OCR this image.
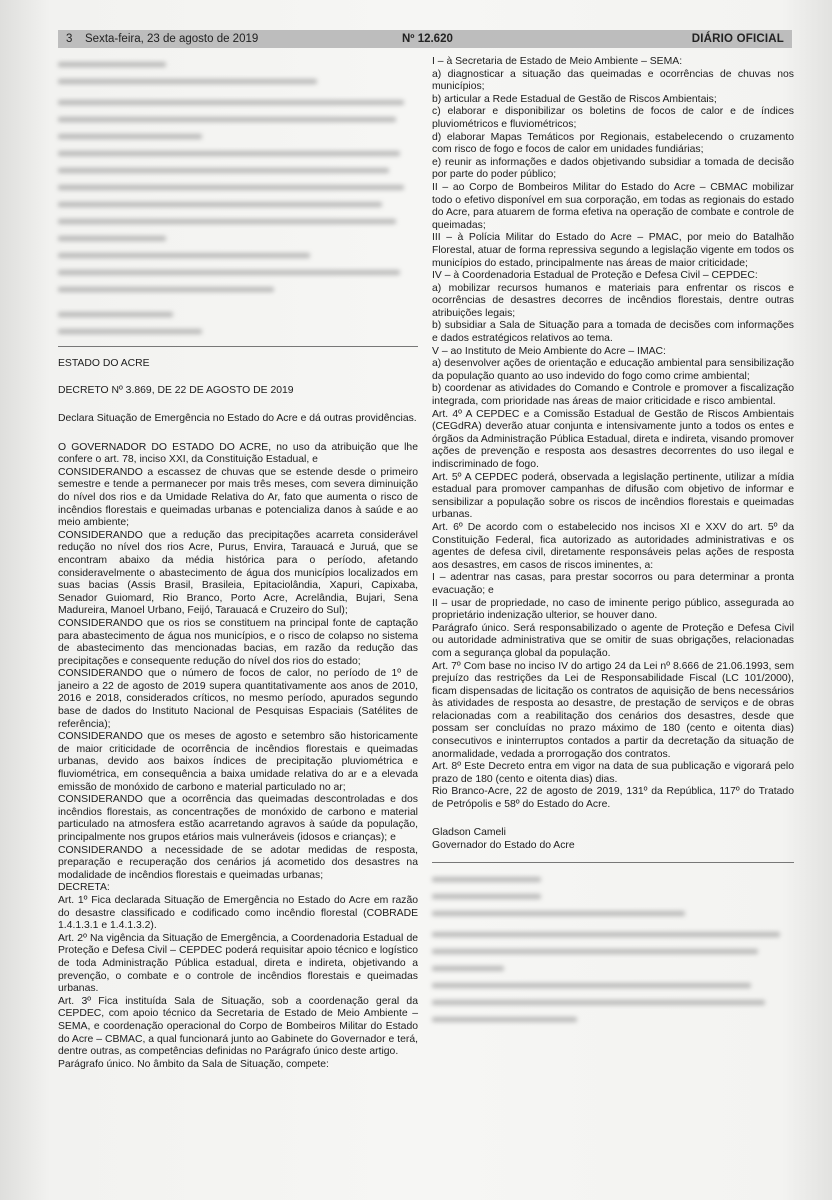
3 Sexta-feira, 23 de agosto de 2019	Nº 12.620	DIÁRIO OFICIAL

ESTADO DO ACRE

DECRETO Nº 3.869, DE 22 DE AGOSTO DE 2019

Declara Situação de Emergência no Estado do Acre e dá outras providências.

O GOVERNADOR DO ESTADO DO ACRE, no uso da atribuição que lhe confere o art. 78, inciso XXI, da Constituição Estadual, e

CONSIDERANDO a escassez de chuvas que se estende desde o primeiro semestre e tende a permanecer por mais três meses, com severa diminuição do nível dos rios e da Umidade Relativa do Ar, fato que aumenta o risco de incêndios florestais e queimadas urbanas e potencializa danos à saúde e ao meio ambiente;

CONSIDERANDO que a redução das precipitações acarreta considerável redução no nível dos rios Acre, Purus, Envira, Tarauacá e Juruá, que se encontram abaixo da média histórica para o período, afetando consideravelmente o abastecimento de água dos municípios localizados em suas bacias (Assis Brasil, Brasileia, Epitaciolândia, Xapuri, Capixaba, Senador Guiomard, Rio Branco, Porto Acre, Acrelândia, Bujari, Sena Madureira, Manoel Urbano, Feijó, Tarauacá e Cruzeiro do Sul);

CONSIDERANDO que os rios se constituem na principal fonte de captação para abastecimento de água nos municípios, e o risco de colapso no sistema de abastecimento das mencionadas bacias, em razão da redução das precipitações e consequente redução do nível dos rios do estado;

CONSIDERANDO que o número de focos de calor, no período de 1º de janeiro a 22 de agosto de 2019 supera quantitativamente aos anos de 2010, 2016 e 2018, considerados críticos, no mesmo período, apurados segundo base de dados do Instituto Nacional de Pesquisas Espaciais (Satélites de referência);

CONSIDERANDO que os meses de agosto e setembro são historicamente de maior criticidade de ocorrência de incêndios florestais e queimadas urbanas, devido aos baixos índices de precipitação pluviométrica e fluviométrica, em consequência a baixa umidade relativa do ar e a elevada emissão de monóxido de carbono e material particulado no ar;

CONSIDERANDO que a ocorrência das queimadas descontroladas e dos incêndios florestais, as concentrações de monóxido de carbono e material particulado na atmosfera estão acarretando agravos à saúde da população, principalmente nos grupos etários mais vulneráveis (idosos e crianças); e

CONSIDERANDO a necessidade de se adotar medidas de resposta, preparação e recuperação dos cenários já acometido dos desastres na modalidade de incêndios florestais e queimadas urbanas;

DECRETA:

Art. 1º Fica declarada Situação de Emergência no Estado do Acre em razão do desastre classificado e codificado como incêndio florestal (COBRADE 1.4.1.3.1 e 1.4.1.3.2).

Art. 2º Na vigência da Situação de Emergência, a Coordenadoria Estadual de Proteção e Defesa Civil – CEPDEC poderá requisitar apoio técnico e logístico de toda Administração Pública estadual, direta e indireta, objetivando a prevenção, o combate e o controle de incêndios florestais e queimadas urbanas.

Art. 3º Fica instituída Sala de Situação, sob a coordenação geral da CEPDEC, com apoio técnico da Secretaria de Estado de Meio Ambiente – SEMA, e coordenação operacional do Corpo de Bombeiros Militar do Estado do Acre – CBMAC, a qual funcionará junto ao Gabinete do Governador e terá, dentre outras, as competências definidas no Parágrafo único deste artigo.

Parágrafo único. No âmbito da Sala de Situação, compete:

I – à Secretaria de Estado de Meio Ambiente – SEMA:

a) diagnosticar a situação das queimadas e ocorrências de chuvas nos municípios;

b) articular a Rede Estadual de Gestão de Riscos Ambientais;

c) elaborar e disponibilizar os boletins de focos de calor e de índices pluviométricos e fluviométricos;

d) elaborar Mapas Temáticos por Regionais, estabelecendo o cruzamento com risco de fogo e focos de calor em unidades fundiárias;

e) reunir as informações e dados objetivando subsidiar a tomada de decisão por parte do poder público;

II – ao Corpo de Bombeiros Militar do Estado do Acre – CBMAC mobilizar todo o efetivo disponível em sua corporação, em todas as regionais do estado do Acre, para atuarem de forma efetiva na operação de combate e controle de queimadas;

III – à Polícia Militar do Estado do Acre – PMAC, por meio do Batalhão Florestal, atuar de forma repressiva segundo a legislação vigente em todos os municípios do estado, principalmente nas áreas de maior criticidade;

IV – à Coordenadoria Estadual de Proteção e Defesa Civil – CEPDEC:

a) mobilizar recursos humanos e materiais para enfrentar os riscos e ocorrências de desastres decorres de incêndios florestais, dentre outras atribuições legais;

b) subsidiar a Sala de Situação para a tomada de decisões com informações e dados estratégicos relativos ao tema.

V – ao Instituto de Meio Ambiente do Acre – IMAC:

a) desenvolver ações de orientação e educação ambiental para sensibilização da população quanto ao uso indevido do fogo como crime ambiental;

b) coordenar as atividades do Comando e Controle e promover a fiscalização integrada, com prioridade nas áreas de maior criticidade e risco ambiental.

Art. 4º A CEPDEC e a Comissão Estadual de Gestão de Riscos Ambientais (CEGdRA) deverão atuar conjunta e intensivamente junto a todos os entes e órgãos da Administração Pública Estadual, direta e indireta, visando promover ações de prevenção e resposta aos desastres decorrentes do uso ilegal e indiscriminado de fogo.

Art. 5º A CEPDEC poderá, observada a legislação pertinente, utilizar a mídia estadual para promover campanhas de difusão com objetivo de informar e sensibilizar a população sobre os riscos de incêndios florestais e queimadas urbanas.

Art. 6º De acordo com o estabelecido nos incisos XI e XXV do art. 5º da Constituição Federal, fica autorizado as autoridades administrativas e os agentes de defesa civil, diretamente responsáveis pelas ações de resposta aos desastres, em casos de riscos iminentes, a:

I – adentrar nas casas, para prestar socorros ou para determinar a pronta evacuação; e

II – usar de propriedade, no caso de iminente perigo público, assegurada ao proprietário indenização ulterior, se houver dano.

Parágrafo único. Será responsabilizado o agente de Proteção e Defesa Civil ou autoridade administrativa que se omitir de suas obrigações, relacionadas com a segurança global da população.

Art. 7º Com base no inciso IV do artigo 24 da Lei nº 8.666 de 21.06.1993, sem prejuízo das restrições da Lei de Responsabilidade Fiscal (LC 101/2000), ficam dispensadas de licitação os contratos de aquisição de bens necessários às atividades de resposta ao desastre, de prestação de serviços e de obras relacionadas com a reabilitação dos cenários dos desastres, desde que possam ser concluídas no prazo máximo de 180 (cento e oitenta dias) consecutivos e ininterruptos contados a partir da decretação da situação de anormalidade, vedada a prorrogação dos contratos.

Art. 8º Este Decreto entra em vigor na data de sua publicação e vigorará pelo prazo de 180 (cento e oitenta dias) dias.

Rio Branco-Acre, 22 de agosto de 2019, 131º da República, 117º do Tratado de Petrópolis e 58º do Estado do Acre.

Gladson Cameli

Governador do Estado do Acre
